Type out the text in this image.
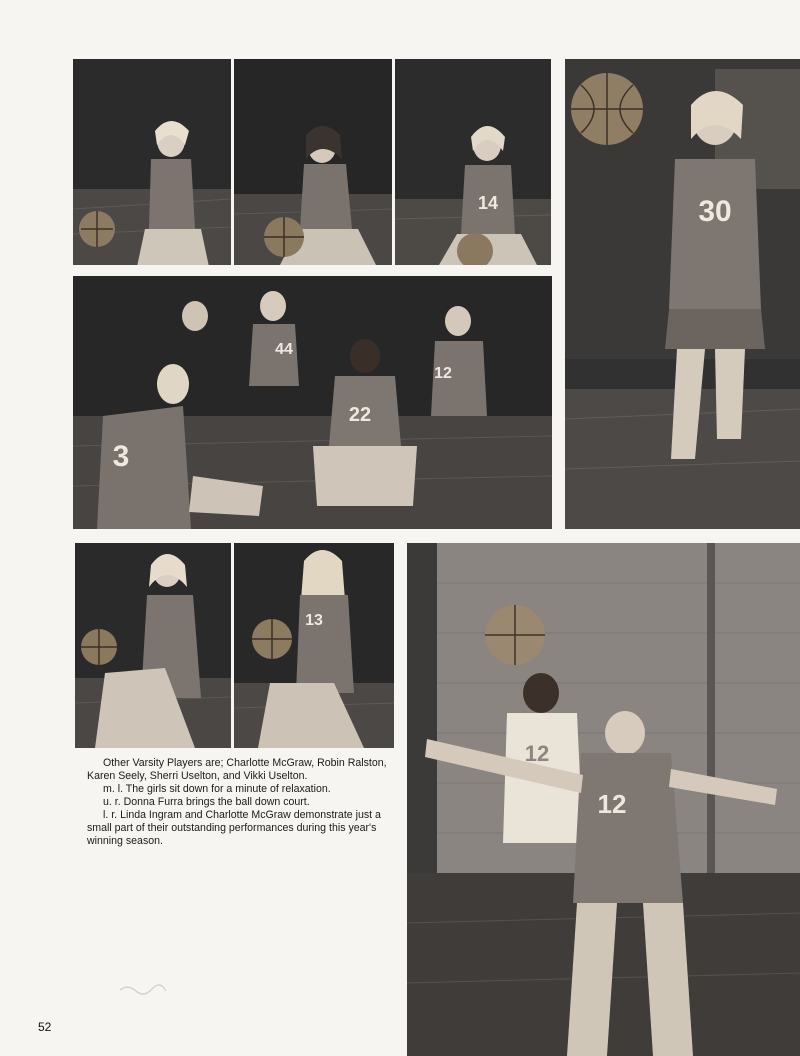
14	30
44
22
12
3
13
12
12

Other Varsity Players are; Charlotte McGraw, Robin Ralston, Karen Seely, Sherri Uselton, and Vikki Uselton.

m. l. The girls sit down for a minute of relaxation.

u. r. Donna Furra brings the ball down court.

l. r. Linda Ingram and Charlotte McGraw demonstrate just a small part of their outstanding performances during this year's winning season.

52
